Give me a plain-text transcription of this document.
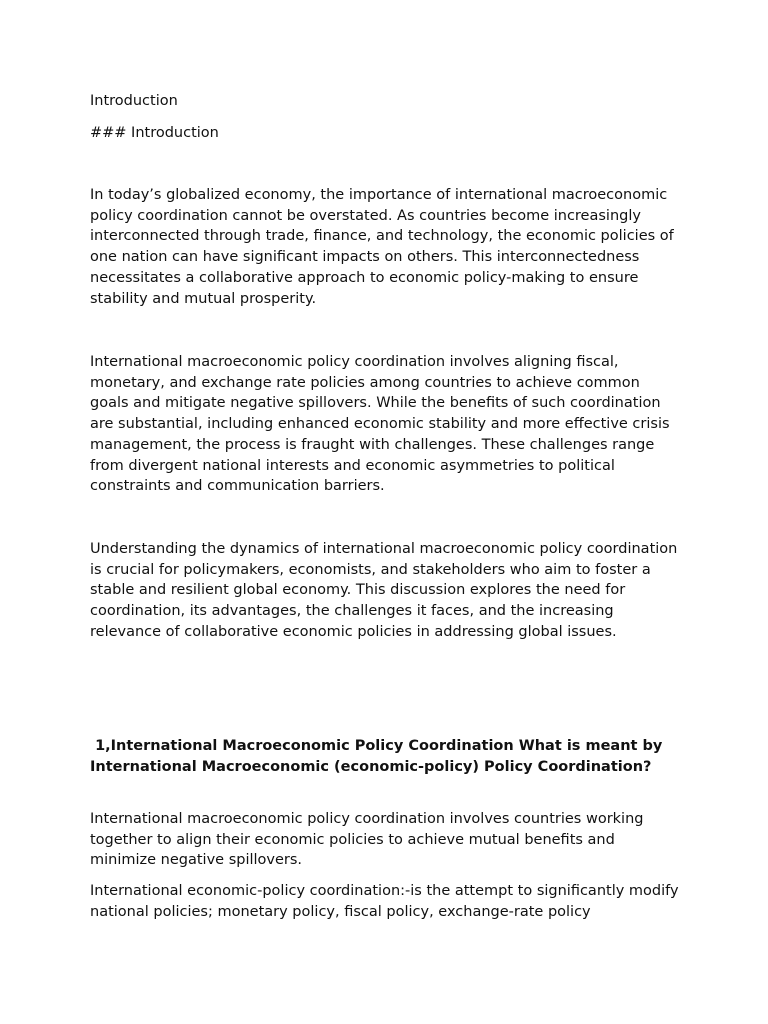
Introduction

### Introduction

In today’s globalized economy, the importance of international macroeconomic policy coordination cannot be overstated. As countries become increasingly interconnected through trade, finance, and technology, the economic policies of one nation can have significant impacts on others. This interconnectedness necessitates a collaborative approach to economic policy-making to ensure stability and mutual prosperity.

International macroeconomic policy coordination involves aligning fiscal, monetary, and exchange rate policies among countries to achieve common goals and mitigate negative spillovers. While the benefits of such coordination are substantial, including enhanced economic stability and more effective crisis management, the process is fraught with challenges. These challenges range from divergent national interests and economic asymmetries to political constraints and communication barriers.

Understanding the dynamics of international macroeconomic policy coordination is crucial for policymakers, economists, and stakeholders who aim to foster a stable and resilient global economy. This discussion explores the need for coordination, its advantages, the challenges it faces, and the increasing relevance of collaborative economic policies in addressing global issues.

1,International Macroeconomic Policy Coordination What is meant by International Macroeconomic (economic-policy) Policy Coordination?

International macroeconomic policy coordination involves countries working together to align their economic policies to achieve mutual benefits and minimize negative spillovers.

International economic-policy coordination:-is the attempt to significantly modify national policies; monetary policy, fiscal policy, exchange-rate policy
